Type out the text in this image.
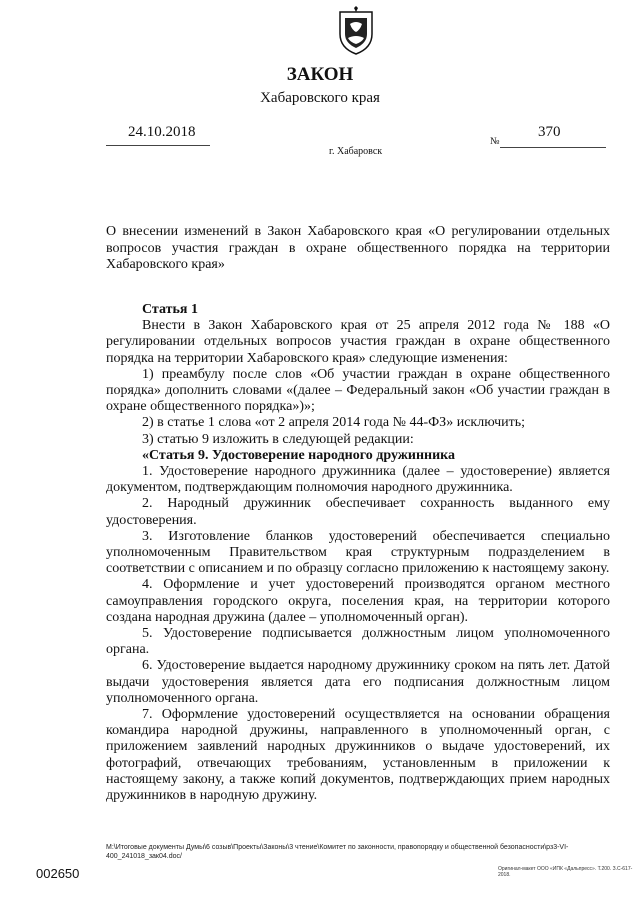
ЗАКОН
Хабаровского края
24.10.2018
№
370
г. Хабаровск
О внесении изменений в Закон Хабаровского края «О регулировании отдельных вопросов участия граждан в охране общественного порядка на территории Хабаровского края»

Статья 1

Внести в Закон Хабаровского края от 25 апреля 2012 года № 188 «О регулировании отдельных вопросов участия граждан в охране общественного порядка на территории Хабаровского края» следующие изменения:

1) преамбулу после слов «Об участии граждан в охране общественного порядка» дополнить словами «(далее – Федеральный закон «Об участии граждан в охране общественного порядка»)»;

2) в статье 1 слова «от 2 апреля 2014 года № 44-ФЗ» исключить;

3) статью 9 изложить в следующей редакции:

«Статья 9. Удостоверение народного дружинника

1. Удостоверение народного дружинника (далее – удостоверение) является документом, подтверждающим полномочия народного дружинника.

2. Народный дружинник обеспечивает сохранность выданного ему удостоверения.

3. Изготовление бланков удостоверений обеспечивается специально уполномоченным Правительством края структурным подразделением в соответствии с описанием и по образцу согласно приложению к настоящему закону.

4. Оформление и учет удостоверений производятся органом местного самоуправления городского округа, поселения края, на территории которого создана народная дружина (далее – уполномоченный орган).

5. Удостоверение подписывается должностным лицом уполномоченного органа.

6. Удостоверение выдается народному дружиннику сроком на пять лет. Датой выдачи удостоверения является дата его подписания должностным лицом уполномоченного органа.

7. Оформление удостоверений осуществляется на основании обращения командира народной дружины, направленного в уполномоченный орган, с приложением заявлений народных дружинников о выдаче удостоверений, их фотографий, отвечающих требованиям, установленным в приложении к настоящему закону, а также копий документов, подтверждающих прием народных дружинников в народную дружину.

М:\Итоговые документы Думы\6 созыв\Проекты\Законы\3 чтение\Комитет по законности, правопорядку и общественной безопасности\рз3-VI-400_241018_зак04.doc/
Оригинал-макет ООО «ИПК «Дальпресс». Т.200. З.С-617-2018.
002650
